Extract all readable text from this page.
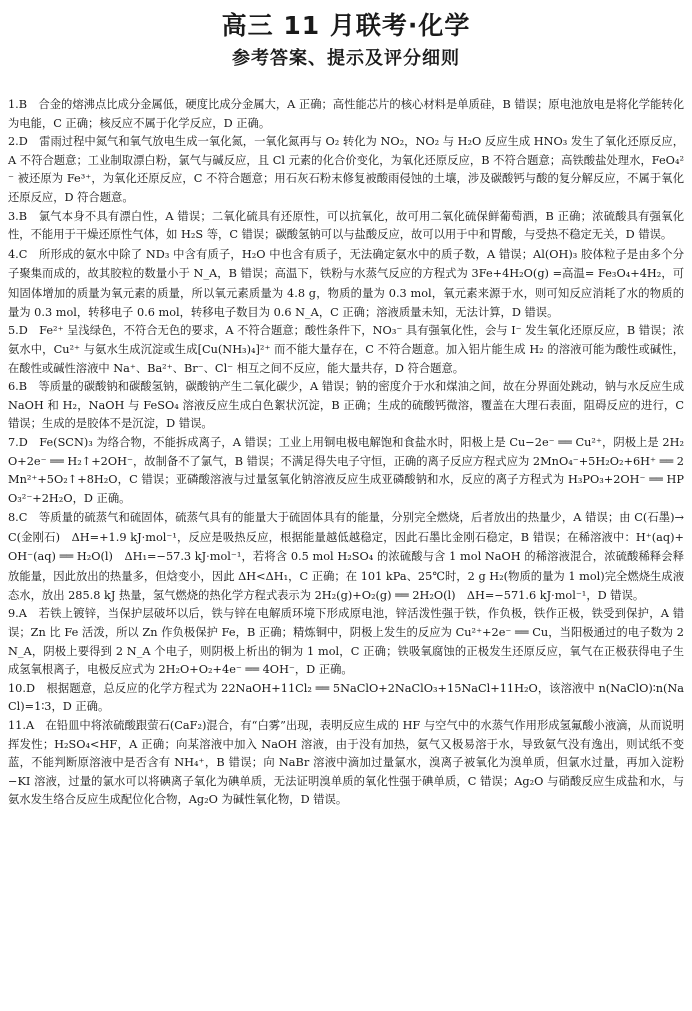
高三 11 月联考·化学
参考答案、提示及评分细则

1.B　合金的熔沸点比成分金属低，硬度比成分金属大，A 正确；高性能芯片的核心材料是单质硅，B 错误；原电池放电是将化学能转化为电能，C 正确；核反应不属于化学反应，D 正确。

2.D　雷雨过程中氮气和氧气放电生成一氧化氮，一氧化氮再与 O₂ 转化为 NO₂，NO₂ 与 H₂O 反应生成 HNO₃ 发生了氧化还原反应，A 不符合题意；工业制取漂白粉，氯气与碱反应，且 Cl 元素的化合价变化，为氧化还原反应，B 不符合题意；高铁酸盐处理水，FeO₄²⁻ 被还原为 Fe³⁺，为氧化还原反应，C 不符合题意；用石灰石粉末修复被酸雨侵蚀的土壤，涉及碳酸钙与酸的复分解反应，不属于氧化还原反应，D 符合题意。

3.B　氯气本身不具有漂白性，A 错误；二氧化硫具有还原性，可以抗氧化，故可用二氧化硫保鲜葡萄酒，B 正确；浓硫酸具有强氧化性，不能用于干燥还原性气体，如 H₂S 等，C 错误；碳酸氢钠可以与盐酸反应，故可以用于中和胃酸，与受热不稳定无关，D 错误。

4.C　所形成的氨水中除了 ND₃ 中含有质子，H₂O 中也含有质子，无法确定氨水中的质子数，A 错误；Al(OH)₃ 胶体粒子是由多个分子聚集而成的，故其胶粒的数量小于 N_A，B 错误；高温下，铁粉与水蒸气反应的方程式为 3Fe+4H₂O(g) =高温= Fe₃O₄+4H₂，可知固体增加的质量为氧元素的质量，所以氧元素质量为 4.8 g，物质的量为 0.3 mol，氧元素来源于水，则可知反应消耗了水的物质的量为 0.3 mol，转移电子 0.6 mol，转移电子数目为 0.6 N_A，C 正确；溶液质量未知，无法计算，D 错误。

5.D　Fe²⁺ 呈浅绿色，不符合无色的要求，A 不符合题意；酸性条件下，NO₃⁻ 具有强氧化性，会与 I⁻ 发生氧化还原反应，B 错误；浓氨水中，Cu²⁺ 与氨水生成沉淀或生成[Cu(NH₃)₄]²⁺ 而不能大量存在，C 不符合题意。加入铝片能生成 H₂ 的溶液可能为酸性或碱性，在酸性或碱性溶液中 Na⁺、Ba²⁺、Br⁻、Cl⁻ 相互之间不反应，能大量共存，D 符合题意。

6.B　等质量的碳酸钠和碳酸氢钠，碳酸钠产生二氧化碳少，A 错误；钠的密度介于水和煤油之间，故在分界面处跳动，钠与水反应生成 NaOH 和 H₂，NaOH 与 FeSO₄ 溶液反应生成白色絮状沉淀，B 正确；生成的硫酸钙微溶，覆盖在大理石表面，阻碍反应的进行，C 错误；生成的是胶体不是沉淀，D 错误。

7.D　Fe(SCN)₃ 为络合物，不能拆成离子，A 错误；工业上用铜电极电解饱和食盐水时，阳极上是 Cu−2e⁻ ══ Cu²⁺，阴极上是 2H₂O+2e⁻ ══ H₂↑+2OH⁻，故制备不了氯气，B 错误；不满足得失电子守恒，正确的离子反应方程式应为 2MnO₄⁻+5H₂O₂+6H⁺ ══ 2Mn²⁺+5O₂↑+8H₂O，C 错误；亚磷酸溶液与过量氢氧化钠溶液反应生成亚磷酸钠和水，反应的离子方程式为 H₃PO₃+2OH⁻ ══ HPO₃²⁻+2H₂O，D 正确。

8.C　等质量的硫蒸气和硫固体，硫蒸气具有的能量大于硫固体具有的能量，分别完全燃烧，后者放出的热量少，A 错误；由 C(石墨)→C(金刚石)　ΔH=+1.9 kJ·mol⁻¹，反应是吸热反应，根据能量越低越稳定，因此石墨比金刚石稳定，B 错误；在稀溶液中：H⁺(aq)+OH⁻(aq) ══ H₂O(l)　ΔH₁=−57.3 kJ·mol⁻¹，若将含 0.5 mol H₂SO₄ 的浓硫酸与含 1 mol NaOH 的稀溶液混合，浓硫酸稀释会释放能量，因此放出的热量多，但焓变小，因此 ΔH<ΔH₁，C 正确；在 101 kPa、25℃时，2 g H₂(物质的量为 1 mol)完全燃烧生成液态水，放出 285.8 kJ 热量，氢气燃烧的热化学方程式表示为 2H₂(g)+O₂(g) ══ 2H₂O(l)　ΔH=−571.6 kJ·mol⁻¹，D 错误。

9.A　若铁上镀锌，当保护层破坏以后，铁与锌在电解质环境下形成原电池，锌活泼性强于铁，作负极，铁作正极，铁受到保护，A 错误；Zn 比 Fe 活泼，所以 Zn 作负极保护 Fe，B 正确；精炼铜中，阴极上发生的反应为 Cu²⁺+2e⁻ ══ Cu，当阳极通过的电子数为 2 N_A，阴极上要得到 2 N_A 个电子，则阴极上析出的铜为 1 mol，C 正确；铁吸氧腐蚀的正极发生还原反应，氧气在正极获得电子生成氢氧根离子，电极反应式为 2H₂O+O₂+4e⁻ ══ 4OH⁻，D 正确。

10.D　根据题意，总反应的化学方程式为 22NaOH+11Cl₂ ══ 5NaClO+2NaClO₃+15NaCl+11H₂O，该溶液中 n(NaClO)∶n(NaCl)=1∶3，D 正确。

11.A　在铅皿中将浓硫酸跟萤石(CaF₂)混合，有“白雾”出现，表明反应生成的 HF 与空气中的水蒸气作用形成氢氟酸小液滴，从而说明挥发性；H₂SO₄<HF，A 正确；向某溶液中加入 NaOH 溶液，由于没有加热，氨气又极易溶于水，导致氨气没有逸出，则试纸不变蓝，不能判断原溶液中是否含有 NH₄⁺，B 错误；向 NaBr 溶液中滴加过量氯水，溴离子被氧化为溴单质，但氯水过量，再加入淀粉−KI 溶液，过量的氯水可以将碘离子氧化为碘单质，无法证明溴单质的氧化性强于碘单质，C 错误；Ag₂O 与硝酸反应生成盐和水，与氨水发生络合反应生成配位化合物，Ag₂O 为碱性氧化物，D 错误。
